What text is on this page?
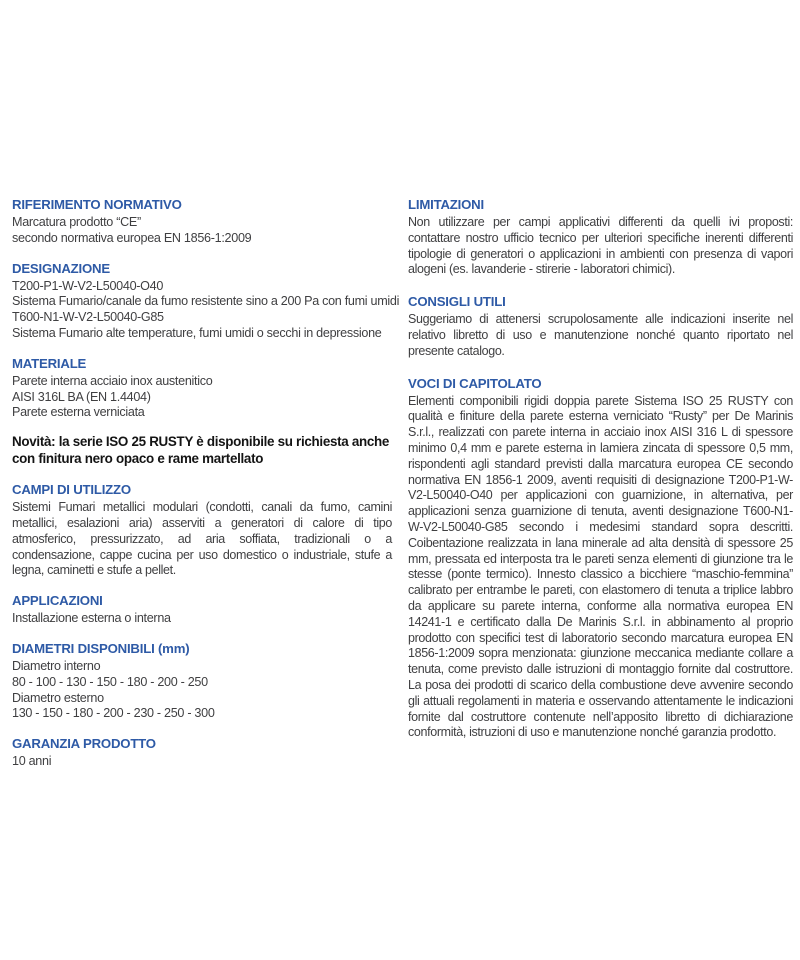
RIFERIMENTO NORMATIVO
Marcatura prodotto “CE”
secondo normativa europea EN 1856-1:2009
DESIGNAZIONE
T200-P1-W-V2-L50040-O40
Sistema Fumario/canale da fumo resistente sino a 200 Pa con fumi umidi
T600-N1-W-V2-L50040-G85
Sistema Fumario alte temperature, fumi umidi o secchi in depressione
MATERIALE
Parete interna acciaio inox austenitico
AISI 316L BA (EN 1.4404)
Parete esterna verniciata
Novità: la serie ISO 25 RUSTY è disponibile su richiesta anche con finitura nero opaco e rame martellato
CAMPI DI UTILIZZO
Sistemi Fumari metallici modulari (condotti, canali da fumo, camini metallici, esalazioni aria) asserviti a generatori di calore di tipo atmosferico, pressurizzato, ad aria soffiata, tradizionali o a condensazione, cappe cucina per uso domestico o industriale, stufe a legna, caminetti e stufe a pellet.
APPLICAZIONI
Installazione esterna o interna
DIAMETRI DISPONIBILI (mm)
Diametro interno
80 - 100 - 130 - 150 - 180 - 200 - 250
Diametro esterno
130 - 150 - 180 - 200 - 230 - 250 - 300
GARANZIA PRODOTTO
10 anni
LIMITAZIONI
Non utilizzare per campi applicativi differenti da quelli ivi proposti: contattare nostro ufficio tecnico per ulteriori specifiche inerenti differenti tipologie di generatori o applicazioni in ambienti con presenza di vapori alogeni (es. lavanderie - stirerie - laboratori chimici).
CONSIGLI UTILI
Suggeriamo di attenersi scrupolosamente alle indicazioni inserite nel relativo libretto di uso e manutenzione nonché quanto riportato nel presente catalogo.
VOCI DI CAPITOLATO
Elementi componibili rigidi doppia parete Sistema ISO 25 RUSTY con qualità e finiture della parete esterna verniciato “Rusty” per De Marinis S.r.l., realizzati con parete interna in acciaio inox AISI 316 L di spessore minimo 0,4 mm e parete esterna in lamiera zincata di spessore 0,5 mm, rispondenti agli standard previsti dalla marcatura europea CE secondo normativa EN 1856-1 2009, aventi requisiti di designazione T200-P1-W-V2-L50040-O40 per applicazioni con guarnizione, in alternativa, per applicazioni senza guarnizione di tenuta, aventi designazione T600-N1-W-V2-L50040-G85 secondo i medesimi standard sopra descritti. Coibentazione realizzata in lana minerale ad alta densità di spessore 25 mm, pressata ed interposta tra le pareti senza elementi di giunzione tra le stesse (ponte termico). Innesto classico a bicchiere “maschio-femmina” calibrato per entrambe le pareti, con elastomero di tenuta a triplice labbro da applicare su parete interna, conforme alla normativa europea EN 14241-1 e certificato dalla De Marinis S.r.l. in abbinamento al proprio prodotto con specifici test di laboratorio secondo marcatura europea EN 1856-1:2009 sopra menzionata: giunzione meccanica mediante collare a tenuta, come previsto dalle istruzioni di montaggio fornite dal costruttore. La posa dei prodotti di scarico della combustione deve avvenire secondo gli attuali regolamenti in materia e osservando attentamente le indicazioni fornite dal costruttore contenute nell’apposito libretto di dichiarazione conformità, istruzioni di uso e manutenzione nonché garanzia prodotto.
